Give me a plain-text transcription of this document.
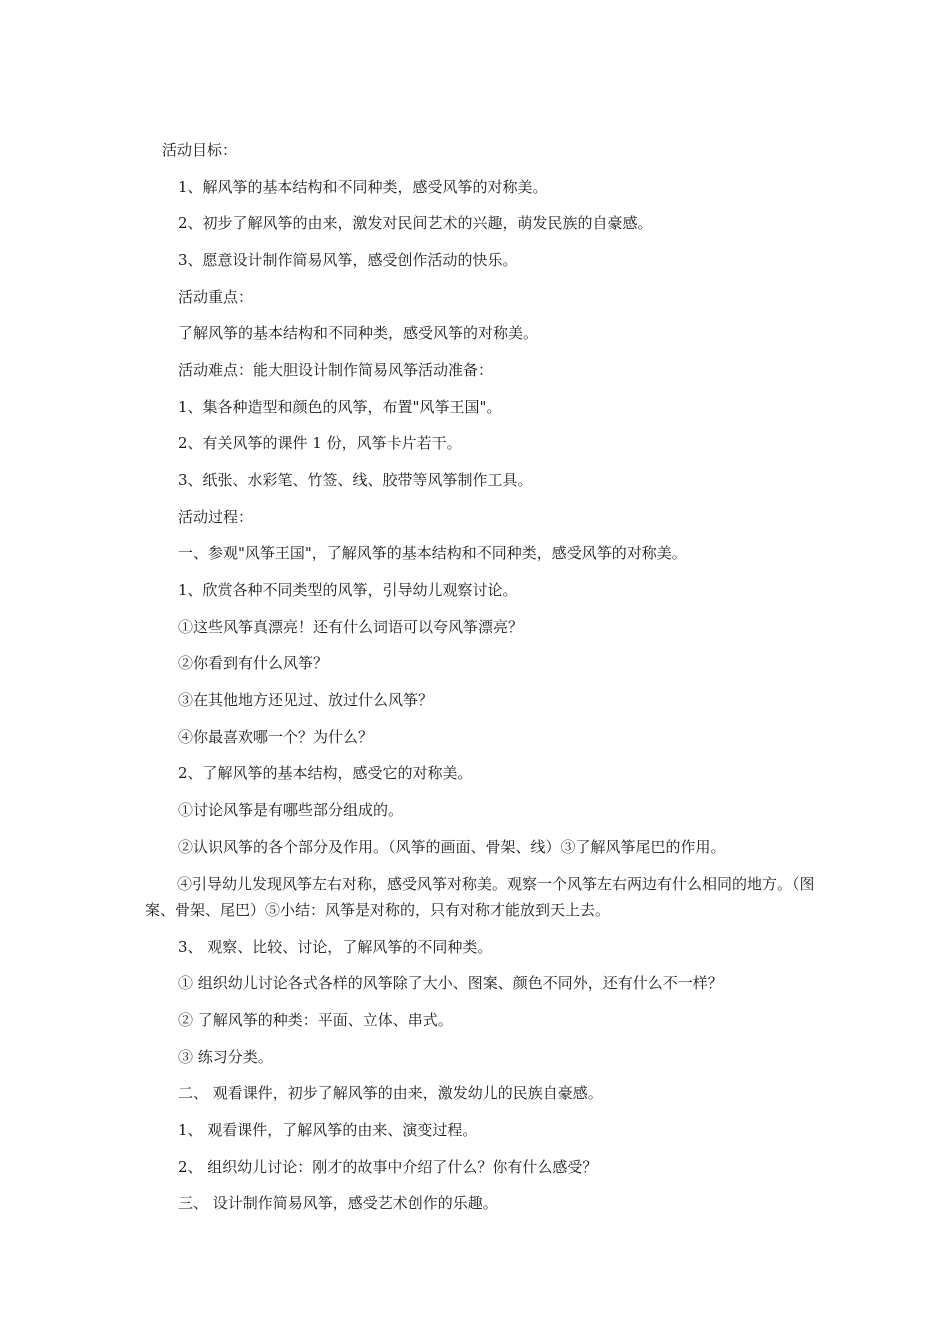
活动目标：
1、解风筝的基本结构和不同种类，感受风筝的对称美。
2、初步了解风筝的由来，激发对民间艺术的兴趣，萌发民族的自豪感。
3、愿意设计制作简易风筝，感受创作活动的快乐。
活动重点：
了解风筝的基本结构和不同种类，感受风筝的对称美。
活动难点：能大胆设计制作简易风筝活动准备：
1、集各种造型和颜色的风筝，布置"风筝王国"。
2、有关风筝的课件 1 份，风筝卡片若干。
3、纸张、水彩笔、竹签、线、胶带等风筝制作工具。
活动过程：
一、参观"风筝王国"，了解风筝的基本结构和不同种类，感受风筝的对称美。
1、欣赏各种不同类型的风筝，引导幼儿观察讨论。
①这些风筝真漂亮！还有什么词语可以夸风筝漂亮？
②你看到有什么风筝？
③在其他地方还见过、放过什么风筝？
④你最喜欢哪一个？为什么？
2、了解风筝的基本结构，感受它的对称美。
①讨论风筝是有哪些部分组成的。
②认识风筝的各个部分及作用。（风筝的画面、骨架、线）③了解风筝尾巴的作用。
④引导幼儿发现风筝左右对称，感受风筝对称美。观察一个风筝左右两边有什么相同的地方。（图案、骨架、尾巴）⑤小结：风筝是对称的，只有对称才能放到天上去。
3、 观察、比较、讨论，了解风筝的不同种类。
① 组织幼儿讨论各式各样的风筝除了大小、图案、颜色不同外，还有什么不一样？
② 了解风筝的种类：平面、立体、串式。
③ 练习分类。
二、 观看课件，初步了解风筝的由来，激发幼儿的民族自豪感。
1、 观看课件，了解风筝的由来、演变过程。
2、 组织幼儿讨论：刚才的故事中介绍了什么？你有什么感受？
三、 设计制作简易风筝，感受艺术创作的乐趣。
